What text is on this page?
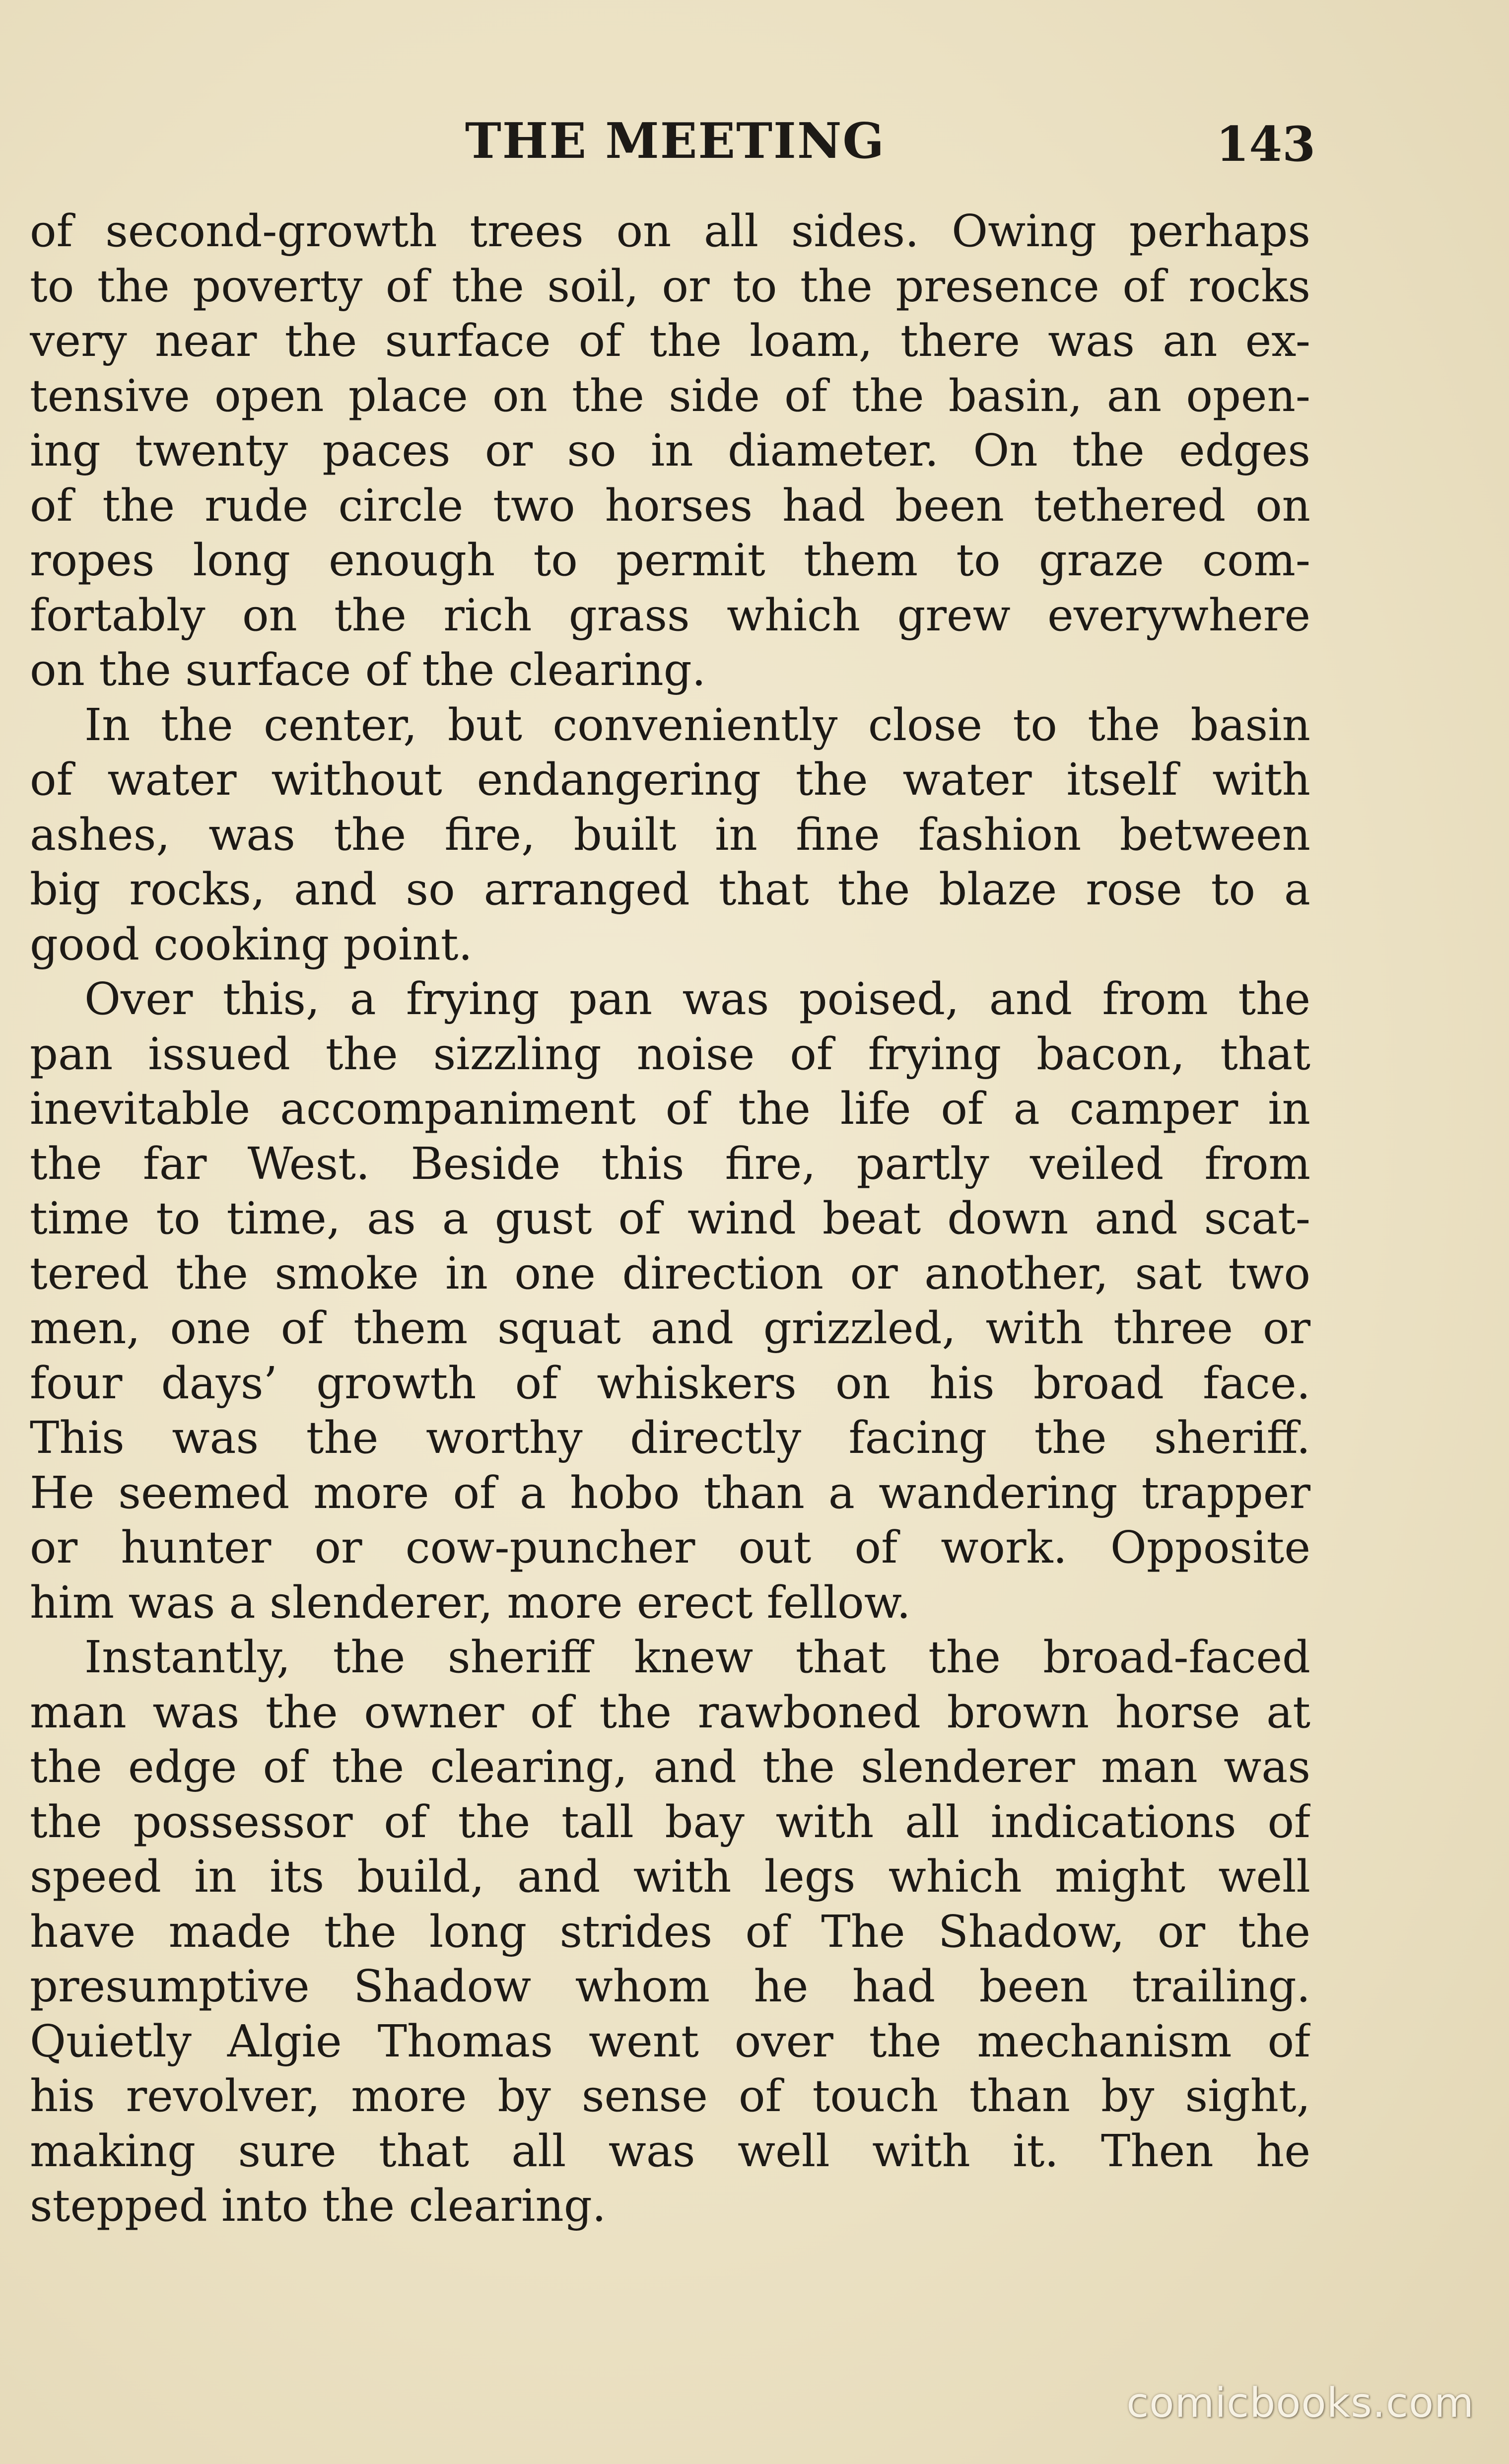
THE MEETING	143
of second-growth trees on all sides. Owing perhaps
to the poverty of the soil, or to the presence of rocks
very near the surface of the loam, there was an ex-
tensive open place on the side of the basin, an open-
ing twenty paces or so in diameter. On the edges
of the rude circle two horses had been tethered on
ropes long enough to permit them to graze com-
fortably on the rich grass which grew everywhere
on the surface of the clearing.
In the center, but conveniently close to the basin
of water without endangering the water itself with
ashes, was the fire, built in fine fashion between
big rocks, and so arranged that the blaze rose to a
good cooking point.
Over this, a frying pan was poised, and from the
pan issued the sizzling noise of frying bacon, that
inevitable accompaniment of the life of a camper in
the far West. Beside this fire, partly veiled from
time to time, as a gust of wind beat down and scat-
tered the smoke in one direction or another, sat two
men, one of them squat and grizzled, with three or
four days’ growth of whiskers on his broad face.
This was the worthy directly facing the sheriff.
He seemed more of a hobo than a wandering trapper
or hunter or cow-puncher out of work. Opposite
him was a slenderer, more erect fellow.
Instantly, the sheriff knew that the broad-faced
man was the owner of the rawboned brown horse at
the edge of the clearing, and the slenderer man was
the possessor of the tall bay with all indications of
speed in its build, and with legs which might well
have made the long strides of The Shadow, or the
presumptive Shadow whom he had been trailing.
Quietly Algie Thomas went over the mechanism of
his revolver, more by sense of touch than by sight,
making sure that all was well with it. Then he
stepped into the clearing.
comicbooks.com
